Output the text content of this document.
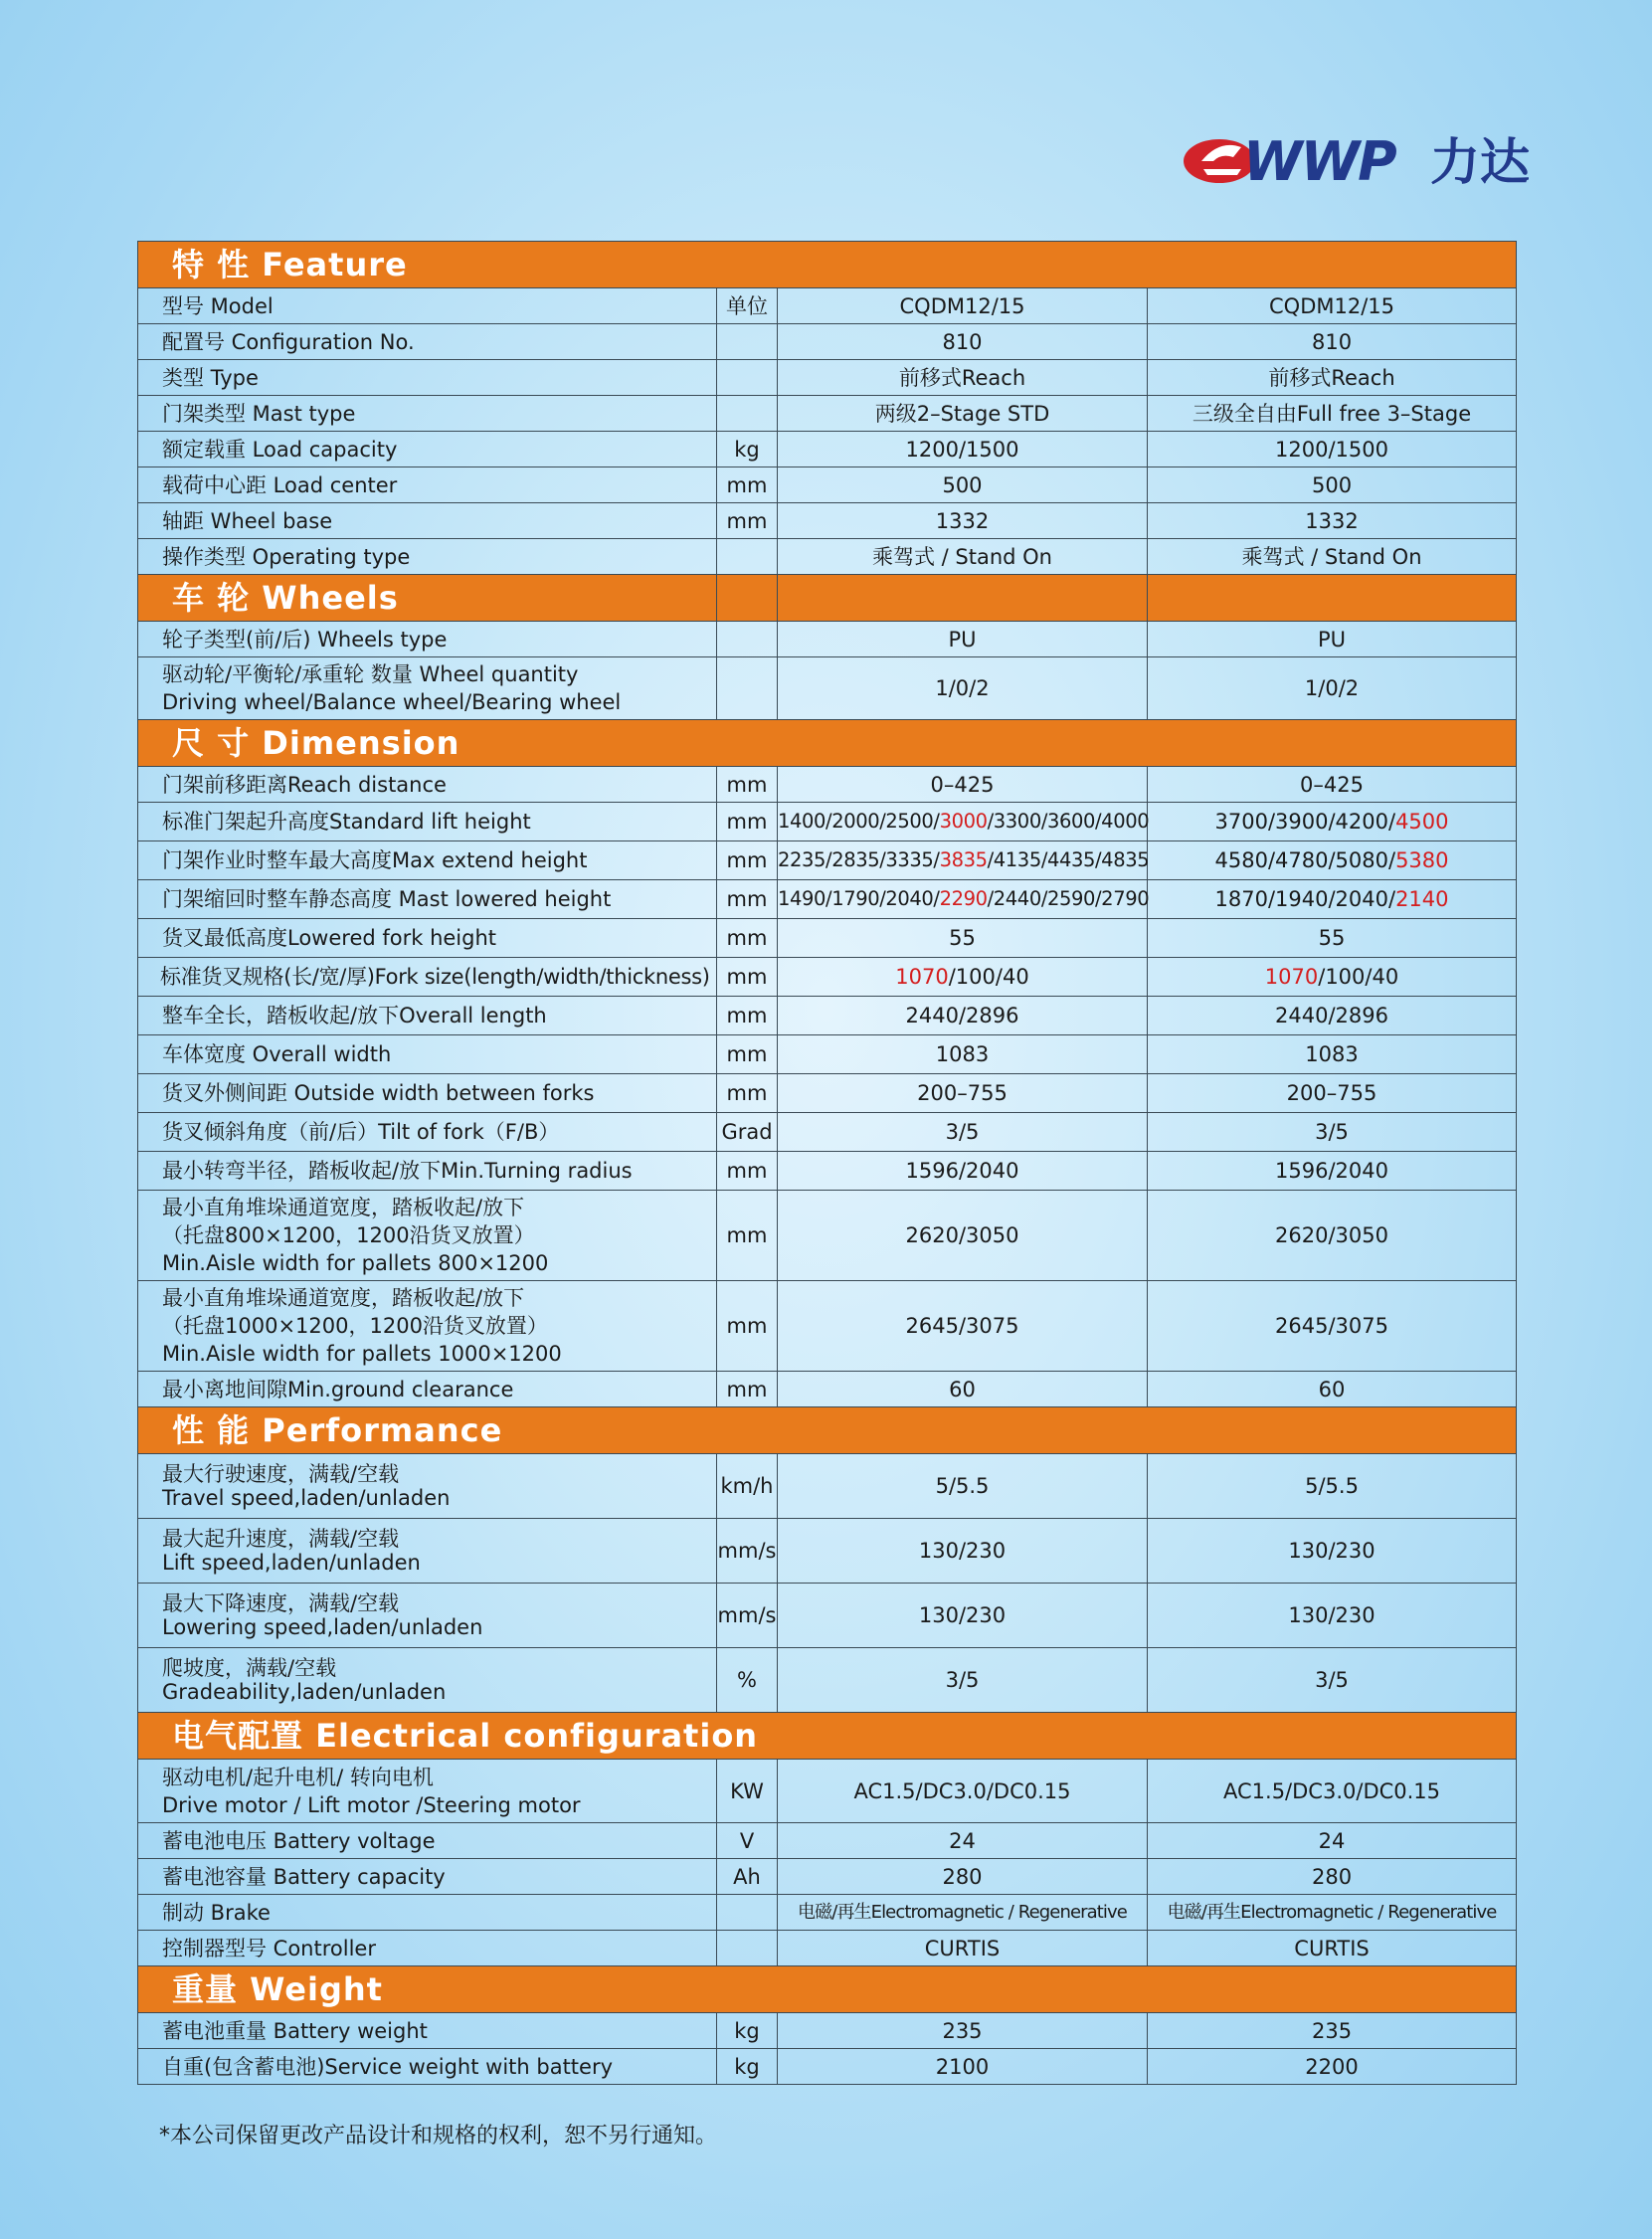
WWP 力达
特 性 Feature			
型号 Model	单位	CQDM12/15	CQDM12/15
配置号 Configuration No.		810	810
类型 Type		前移式Reach	前移式Reach
门架类型 Mast type		两级2–Stage STD	三级全自由Full free 3–Stage
额定载重 Load capacity	kg	1200/1500	1200/1500
载荷中心距 Load center	mm	500	500
轴距 Wheel base	mm	1332	1332
操作类型 Operating type		乘驾式 / Stand On	乘驾式 / Stand On
车 轮 Wheels			
轮子类型(前/后) Wheels type		PU	PU

驱动轮/平衡轮/承重轮 数量 Wheel quantity
Driving wheel/Balance wheel/Bearing wheel		1/0/2	1/0/2
尺 寸 Dimension			
门架前移距离Reach distance	mm	0–425	0–425
标准门架起升高度Standard lift height	mm	1400/2000/2500/3000/3300/3600/4000	3700/3900/4200/4500
门架作业时整车最大高度Max extend height	mm	2235/2835/3335/3835/4135/4435/4835	4580/4780/5080/5380
门架缩回时整车静态高度 Mast lowered height	mm	1490/1790/2040/2290/2440/2590/2790	1870/1940/2040/2140
货叉最低高度Lowered fork height	mm	55	55
标准货叉规格(长/宽/厚)Fork size(length/width/thickness)	mm	1070/100/40	1070/100/40
整车全长，踏板收起/放下Overall length	mm	2440/2896	2440/2896
车体宽度 Overall width	mm	1083	1083
货叉外侧间距 Outside width between forks	mm	200–755	200–755
货叉倾斜角度（前/后）Tilt of fork（F/B）	Grad	3/5	3/5
最小转弯半径，踏板收起/放下Min.Turning radius	mm	1596/2040	1596/2040

最小直角堆垛通道宽度，踏板收起/放下
（托盘800×1200，1200沿货叉放置）
Min.Aisle width for pallets 800×1200	mm	2620/3050	2620/3050

最小直角堆垛通道宽度，踏板收起/放下
（托盘1000×1200，1200沿货叉放置）
Min.Aisle width for pallets 1000×1200	mm	2645/3075	2645/3075
最小离地间隙Min.ground clearance	mm	60	60
性 能 Performance			

最大行驶速度，满载/空载
Travel speed,laden/unladen	km/h	5/5.5	5/5.5

最大起升速度，满载/空载
Lift speed,laden/unladen	mm/s	130/230	130/230

最大下降速度，满载/空载
Lowering speed,laden/unladen	mm/s	130/230	130/230

爬坡度，满载/空载
Gradeability,laden/unladen	%	3/5	3/5
电气配置 Electrical configuration			

驱动电机/起升电机/ 转向电机
Drive motor / Lift motor /Steering motor	KW	AC1.5/DC3.0/DC0.15	AC1.5/DC3.0/DC0.15
蓄电池电压 Battery voltage	V	24	24
蓄电池容量 Battery capacity	Ah	280	280
制动 Brake		电磁/再生Electromagnetic / Regenerative	电磁/再生Electromagnetic / Regenerative
控制器型号 Controller		CURTIS	CURTIS
重量 Weight			
蓄电池重量 Battery weight	kg	235	235
自重(包含蓄电池)Service weight with battery	kg	2100	2200
*本公司保留更改产品设计和规格的权利，恕不另行通知。
